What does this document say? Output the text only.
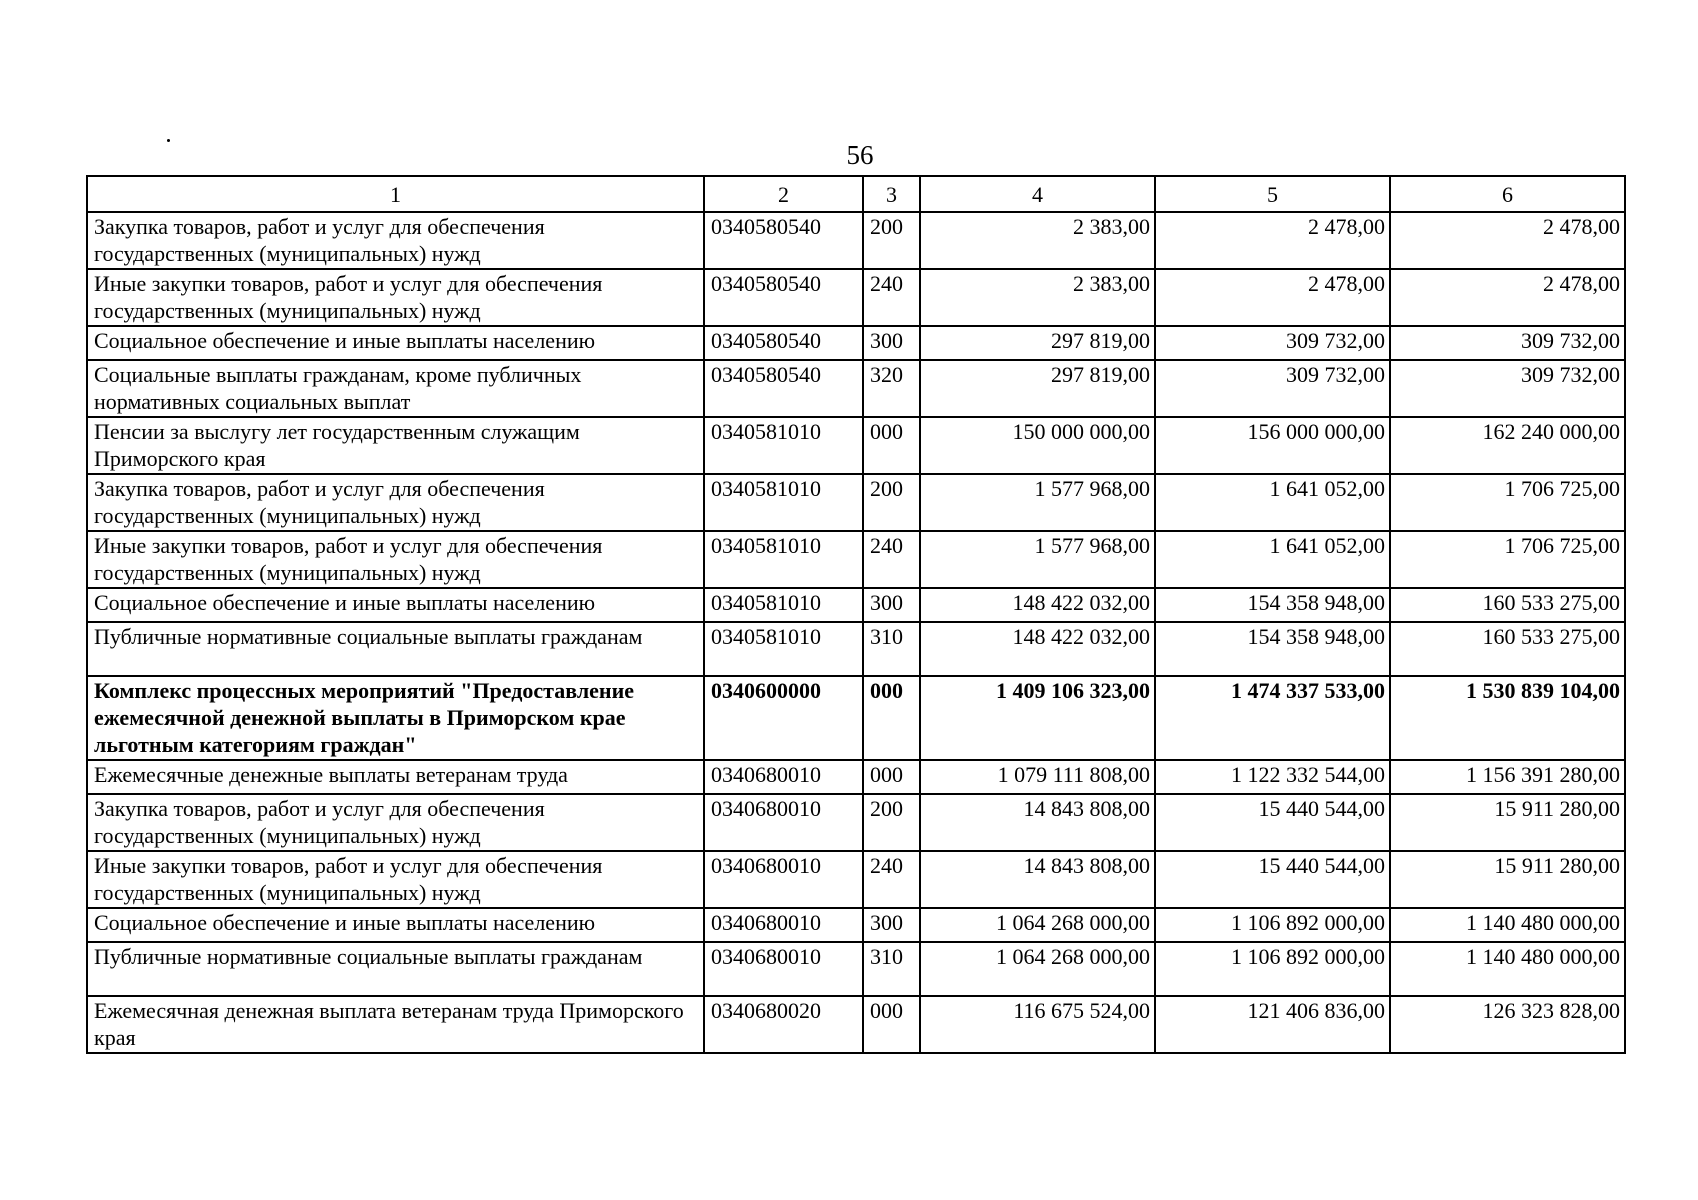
56
1	2	3	4	5	6
Закупка товаров, работ и услуг для обеспечения государственных (муниципальных) нужд	0340580540	200	2 383,00	2 478,00	2 478,00
Иные закупки товаров, работ и услуг для обеспечения государственных (муниципальных) нужд	0340580540	240	2 383,00	2 478,00	2 478,00
Социальное обеспечение и иные выплаты населению	0340580540	300	297 819,00	309 732,00	309 732,00
Социальные выплаты гражданам, кроме публичных нормативных социальных выплат	0340580540	320	297 819,00	309 732,00	309 732,00
Пенсии за выслугу лет государственным служащим Приморского края	0340581010	000	150 000 000,00	156 000 000,00	162 240 000,00
Закупка товаров, работ и услуг для обеспечения государственных (муниципальных) нужд	0340581010	200	1 577 968,00	1 641 052,00	1 706 725,00
Иные закупки товаров, работ и услуг для обеспечения государственных (муниципальных) нужд	0340581010	240	1 577 968,00	1 641 052,00	1 706 725,00
Социальное обеспечение и иные выплаты населению	0340581010	300	148 422 032,00	154 358 948,00	160 533 275,00
Публичные нормативные социальные выплаты гражданам	0340581010	310	148 422 032,00	154 358 948,00	160 533 275,00
Комплекс процессных мероприятий "Предоставление ежемесячной денежной выплаты в Приморском крае льготным категориям граждан"	0340600000	000	1 409 106 323,00	1 474 337 533,00	1 530 839 104,00
Ежемесячные денежные выплаты ветеранам труда	0340680010	000	1 079 111 808,00	1 122 332 544,00	1 156 391 280,00
Закупка товаров, работ и услуг для обеспечения государственных (муниципальных) нужд	0340680010	200	14 843 808,00	15 440 544,00	15 911 280,00
Иные закупки товаров, работ и услуг для обеспечения государственных (муниципальных) нужд	0340680010	240	14 843 808,00	15 440 544,00	15 911 280,00
Социальное обеспечение и иные выплаты населению	0340680010	300	1 064 268 000,00	1 106 892 000,00	1 140 480 000,00
Публичные нормативные социальные выплаты гражданам	0340680010	310	1 064 268 000,00	1 106 892 000,00	1 140 480 000,00
Ежемесячная денежная выплата ветеранам труда Приморского края	0340680020	000	116 675 524,00	121 406 836,00	126 323 828,00
